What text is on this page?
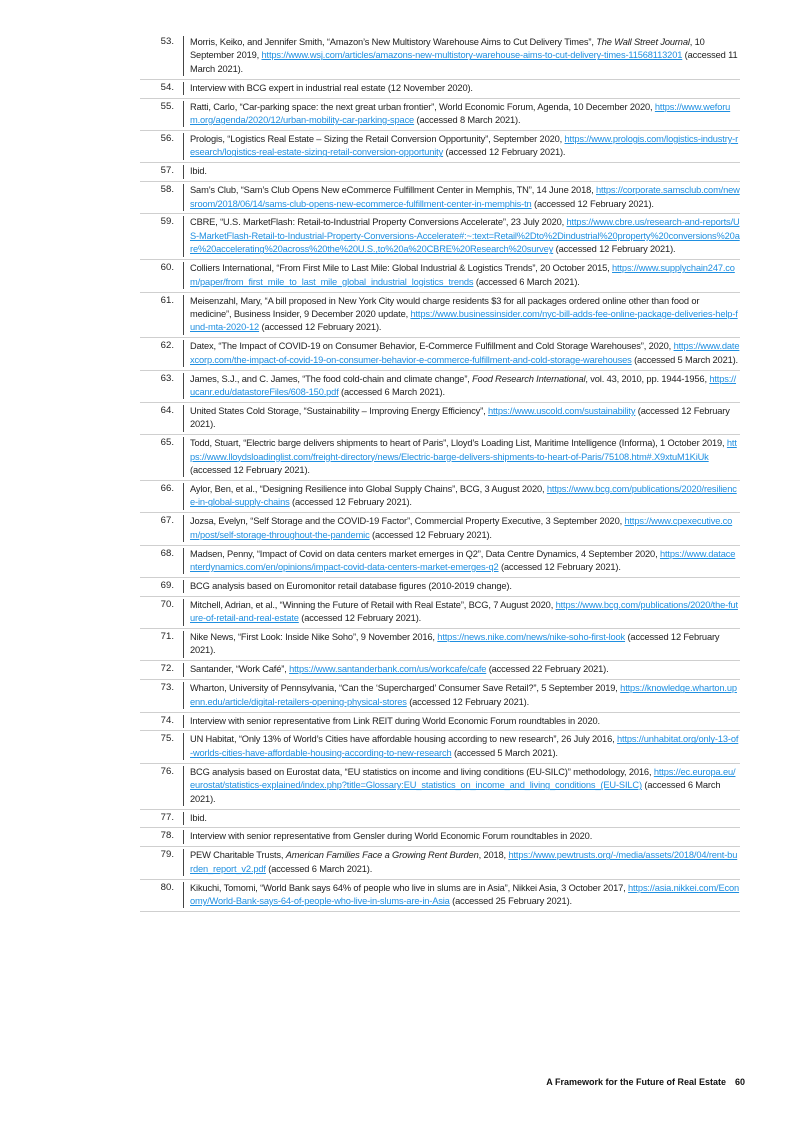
53.	Morris, Keiko, and Jennifer Smith, “Amazon’s New Multistory Warehouse Aims to Cut Delivery Times”, The Wall Street Journal, 10 September 2019, https://www.wsj.com/articles/amazons-new-multistory-warehouse-aims-to-cut-delivery-times-11568113201 (accessed 11 March 2021).
54.	Interview with BCG expert in industrial real estate (12 November 2020).
55.	Ratti, Carlo, “Car-parking space: the next great urban frontier”, World Economic Forum, Agenda, 10 December 2020, https://www.weforum.org/agenda/2020/12/urban-mobility-car-parking-space (accessed 8 March 2021).
56.	Prologis, “Logistics Real Estate – Sizing the Retail Conversion Opportunity”, September 2020, https://www.prologis.com/logistics-industry-research/logistics-real-estate-sizing-retail-conversion-opportunity (accessed 12 February 2021).
57.	Ibid.
58.	Sam’s Club, “Sam’s Club Opens New eCommerce Fulfillment Center in Memphis, TN”, 14 June 2018, https://corporate.samsclub.com/newsroom/2018/06/14/sams-club-opens-new-ecommerce-fulfillment-center-in-memphis-tn (accessed 12 February 2021).
59.	CBRE, “U.S. MarketFlash: Retail-to-Industrial Property Conversions Accelerate”, 23 July 2020, https://www.cbre.us/research-and-reports/US-MarketFlash-Retail-to-Industrial-Property-Conversions-Accelerate#:~:text=Retail%2Dto%2Dindustrial%20property%20conversions%20are%20accelerating%20across%20the%20U.S.,to%20a%20CBRE%20Research%20survey (accessed 12 February 2021).
60.	Colliers International, “From First Mile to Last Mile: Global Industrial & Logistics Trends”, 20 October 2015, https://www.supplychain247.com/paper/from_first_mile_to_last_mile_global_industrial_logistics_trends (accessed 6 March 2021).
61.	Meisenzahl, Mary, “A bill proposed in New York City would charge residents $3 for all packages ordered online other than food or medicine”, Business Insider, 9 December 2020 update, https://www.businessinsider.com/nyc-bill-adds-fee-online-package-deliveries-help-fund-mta-2020-12 (accessed 12 February 2021).
62.	Datex, “The Impact of COVID-19 on Consumer Behavior, E-Commerce Fulfillment and Cold Storage Warehouses”, 2020, https://www.datexcorp.com/the-impact-of-covid-19-on-consumer-behavior-e-commerce-fulfillment-and-cold-storage-warehouses (accessed 5 March 2021).
63.	James, S.J., and C. James, “The food cold-chain and climate change”, Food Research International, vol. 43, 2010, pp. 1944-1956, https://ucanr.edu/datastoreFiles/608-150.pdf (accessed 6 March 2021).
64.	United States Cold Storage, “Sustainability – Improving Energy Efficiency”, https://www.uscold.com/sustainability (accessed 12 February 2021).
65.	Todd, Stuart, “Electric barge delivers shipments to heart of Paris”, Lloyd’s Loading List, Maritime Intelligence (Informa), 1 October 2019, https://www.lloydsloadinglist.com/freight-directory/news/Electric-barge-delivers-shipments-to-heart-of-Paris/75108.htm#.X9xtuM1KiUk (accessed 12 February 2021).
66.	Aylor, Ben, et al., “Designing Resilience into Global Supply Chains”, BCG, 3 August 2020, https://www.bcg.com/publications/2020/resilience-in-global-supply-chains (accessed 12 February 2021).
67.	Jozsa, Evelyn, “Self Storage and the COVID-19 Factor”, Commercial Property Executive, 3 September 2020, https://www.cpexecutive.com/post/self-storage-throughout-the-pandemic (accessed 12 February 2021).
68.	Madsen, Penny, “Impact of Covid on data centers market emerges in Q2”, Data Centre Dynamics, 4 September 2020, https://www.datacenterdynamics.com/en/opinions/impact-covid-data-centers-market-emerges-q2 (accessed 12 February 2021).
69.	BCG analysis based on Euromonitor retail database figures (2010-2019 change).
70.	Mitchell, Adrian, et al., “Winning the Future of Retail with Real Estate”, BCG, 7 August 2020, https://www.bcg.com/publications/2020/the-future-of-retail-and-real-estate (accessed 12 February 2021).
71.	Nike News, “First Look: Inside Nike Soho”, 9 November 2016, https://news.nike.com/news/nike-soho-first-look (accessed 12 February 2021).
72.	Santander, “Work Café”, https://www.santanderbank.com/us/workcafe/cafe (accessed 22 February 2021).
73.	Wharton, University of Pennsylvania, “Can the ‘Supercharged’ Consumer Save Retail?”, 5 September 2019, https://knowledge.wharton.upenn.edu/article/digital-retailers-opening-physical-stores (accessed 12 February 2021).
74.	Interview with senior representative from Link REIT during World Economic Forum roundtables in 2020.
75.	UN Habitat, “Only 13% of World’s Cities have affordable housing according to new research”, 26 July 2016, https://unhabitat.org/only-13-of-worlds-cities-have-affordable-housing-according-to-new-research (accessed 5 March 2021).
76.	BCG analysis based on Eurostat data, “EU statistics on income and living conditions (EU-SILC)” methodology, 2016, https://ec.europa.eu/eurostat/statistics-explained/index.php?title=Glossary:EU_statistics_on_income_and_living_conditions_(EU-SILC) (accessed 6 March 2021).
77.	Ibid.
78.	Interview with senior representative from Gensler during World Economic Forum roundtables in 2020.
79.	PEW Charitable Trusts, American Families Face a Growing Rent Burden, 2018, https://www.pewtrusts.org/-/media/assets/2018/04/rent-burden_report_v2.pdf (accessed 6 March 2021).
80.	Kikuchi, Tomomi, “World Bank says 64% of people who live in slums are in Asia”, Nikkei Asia, 3 October 2017, https://asia.nikkei.com/Economy/World-Bank-says-64-of-people-who-live-in-slums-are-in-Asia (accessed 25 February 2021).
A Framework for the Future of Real Estate 60
